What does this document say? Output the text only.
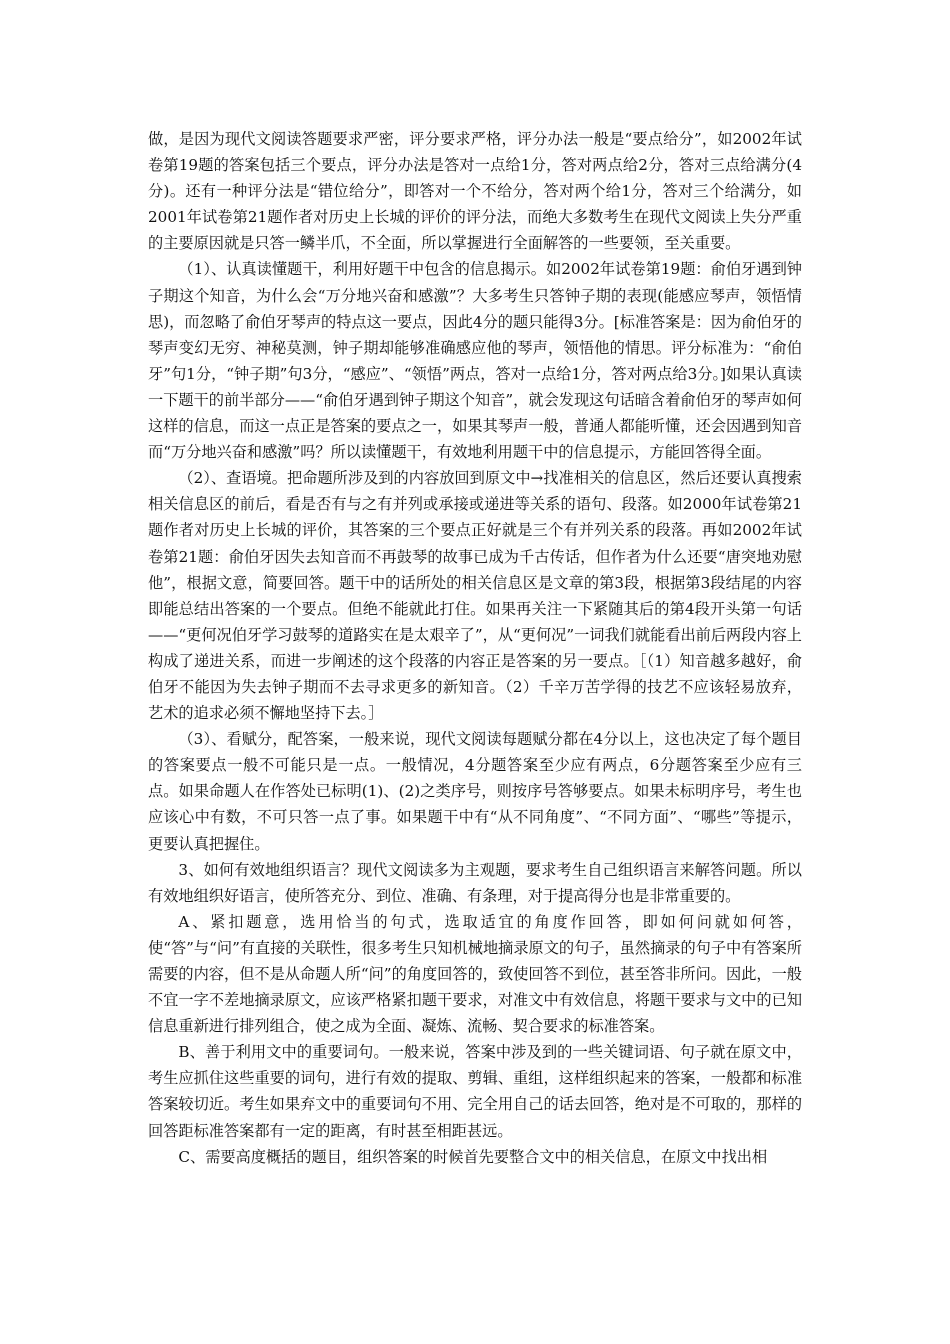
做，是因为现代文阅读答题要求严密，评分要求严格，评分办法一般是“要点给分”，如2002年试卷第19题的答案包括三个要点，评分办法是答对一点给1分，答对两点给2分，答对三点给满分(4分)。还有一种评分法是“错位给分”，即答对一个不给分，答对两个给1分，答对三个给满分，如2001年试卷第21题作者对历史上长城的评价的评分法，而绝大多数考生在现代文阅读上失分严重的主要原因就是只答一鳞半爪，不全面，所以掌握进行全面解答的一些要领，至关重要。

（1）、认真读懂题干，利用好题干中包含的信息揭示。如2002年试卷第19题：俞伯牙遇到钟子期这个知音，为什么会“万分地兴奋和感激”？大多考生只答钟子期的表现(能感应琴声，领悟情思)，而忽略了俞伯牙琴声的特点这一要点，因此4分的题只能得3分。[标准答案是：因为俞伯牙的琴声变幻无穷、神秘莫测，钟子期却能够准确感应他的琴声，领悟他的情思。评分标准为：“俞伯牙”句1分，“钟子期”句3分，“感应”、“领悟”两点，答对一点给1分，答对两点给3分。]如果认真读一下题干的前半部分——“俞伯牙遇到钟子期这个知音”，就会发现这句话暗含着俞伯牙的琴声如何这样的信息，而这一点正是答案的要点之一，如果其琴声一般，普通人都能听懂，还会因遇到知音而“万分地兴奋和感激”吗？所以读懂题干，有效地利用题干中的信息提示，方能回答得全面。

（2）、查语境。把命题所涉及到的内容放回到原文中→找准相关的信息区，然后还要认真搜索相关信息区的前后，看是否有与之有并列或承接或递进等关系的语句、段落。如2000年试卷第21题作者对历史上长城的评价，其答案的三个要点正好就是三个有并列关系的段落。再如2002年试卷第21题：俞伯牙因失去知音而不再鼓琴的故事已成为千古传话，但作者为什么还要“唐突地劝慰他”，根据文意，简要回答。题干中的话所处的相关信息区是文章的第3段，根据第3段结尾的内容即能总结出答案的一个要点。但绝不能就此打住。如果再关注一下紧随其后的第4段开头第一句话——“更何况伯牙学习鼓琴的道路实在是太艰辛了”，从“更何况”一词我们就能看出前后两段内容上构成了递进关系，而进一步阐述的这个段落的内容正是答案的另一要点。［（1）知音越多越好，俞伯牙不能因为失去钟子期而不去寻求更多的新知音。（2）千辛万苦学得的技艺不应该轻易放弃，艺术的追求必须不懈地坚持下去。］

（3）、看赋分，配答案，一般来说，现代文阅读每题赋分都在4分以上，这也决定了每个题目的答案要点一般不可能只是一点。一般情况，4分题答案至少应有两点，6分题答案至少应有三点。如果命题人在作答处已标明(1)、(2)之类序号，则按序号答够要点。如果未标明序号，考生也应该心中有数，不可只答一点了事。如果题干中有“从不同角度”、“不同方面”、“哪些”等提示，更要认真把握住。

3、如何有效地组织语言？现代文阅读多为主观题，要求考生自己组织语言来解答问题。所以有效地组织好语言，使所答充分、到位、准确、有条理，对于提高得分也是非常重要的。

A、紧扣题意，选用恰当的句式，选取适宜的角度作回答，即如何问就如何答，使“答”与“问”有直接的关联性，很多考生只知机械地摘录原文的句子，虽然摘录的句子中有答案所需要的内容，但不是从命题人所“问”的角度回答的，致使回答不到位，甚至答非所问。因此，一般不宜一字不差地摘录原文，应该严格紧扣题干要求，对准文中有效信息，将题干要求与文中的已知信息重新进行排列组合，使之成为全面、凝炼、流畅、契合要求的标准答案。

B、善于利用文中的重要词句。一般来说，答案中涉及到的一些关键词语、句子就在原文中，考生应抓住这些重要的词句，进行有效的提取、剪辑、重组，这样组织起来的答案，一般都和标准答案较切近。考生如果弃文中的重要词句不用、完全用自己的话去回答，绝对是不可取的，那样的回答距标准答案都有一定的距离，有时甚至相距甚远。

C、需要高度概括的题目，组织答案的时候首先要整合文中的相关信息，在原文中找出相
